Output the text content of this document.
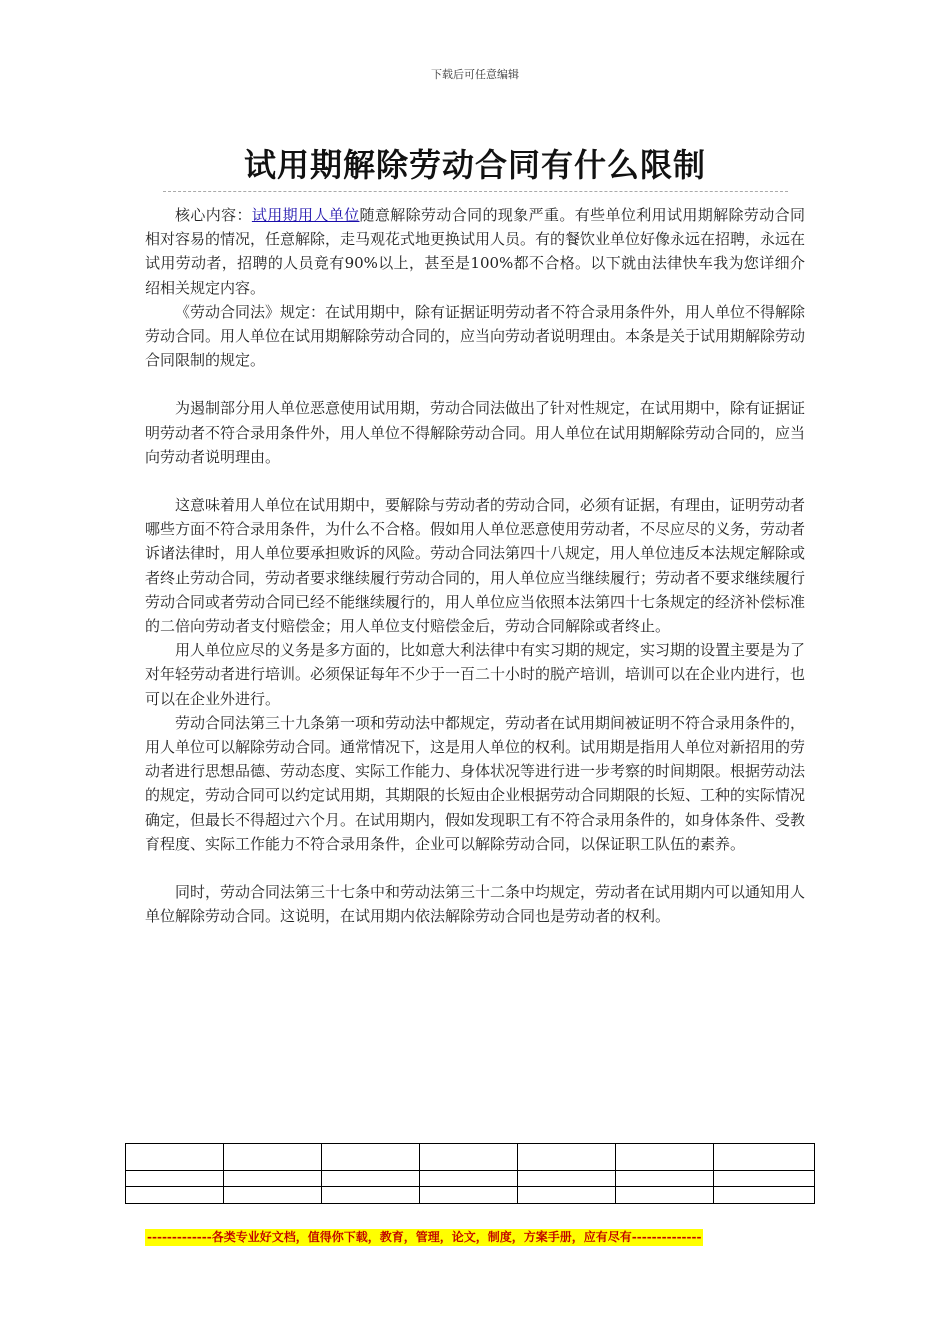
下载后可任意编辑
试用期解除劳动合同有什么限制

核心内容：试用期用人单位随意解除劳动合同的现象严重。有些单位利用试用期解除劳动合同相对容易的情况，任意解除，走马观花式地更换试用人员。有的餐饮业单位好像永远在招聘，永远在试用劳动者，招聘的人员竟有90%以上，甚至是100%都不合格。以下就由法律快车我为您详细介绍相关规定内容。

《劳动合同法》规定：在试用期中，除有证据证明劳动者不符合录用条件外，用人单位不得解除劳动合同。用人单位在试用期解除劳动合同的，应当向劳动者说明理由。本条是关于试用期解除劳动合同限制的规定。

为遏制部分用人单位恶意使用试用期，劳动合同法做出了针对性规定，在试用期中，除有证据证明劳动者不符合录用条件外，用人单位不得解除劳动合同。用人单位在试用期解除劳动合同的，应当向劳动者说明理由。

这意味着用人单位在试用期中，要解除与劳动者的劳动合同，必须有证据，有理由，证明劳动者哪些方面不符合录用条件，为什么不合格。假如用人单位恶意使用劳动者，不尽应尽的义务，劳动者诉诸法律时，用人单位要承担败诉的风险。劳动合同法第四十八规定，用人单位违反本法规定解除或者终止劳动合同，劳动者要求继续履行劳动合同的，用人单位应当继续履行；劳动者不要求继续履行劳动合同或者劳动合同已经不能继续履行的，用人单位应当依照本法第四十七条规定的经济补偿标准的二倍向劳动者支付赔偿金；用人单位支付赔偿金后，劳动合同解除或者终止。

用人单位应尽的义务是多方面的，比如意大利法律中有实习期的规定，实习期的设置主要是为了对年轻劳动者进行培训。必须保证每年不少于一百二十小时的脱产培训，培训可以在企业内进行，也可以在企业外进行。

劳动合同法第三十九条第一项和劳动法中都规定，劳动者在试用期间被证明不符合录用条件的，用人单位可以解除劳动合同。通常情况下，这是用人单位的权利。试用期是指用人单位对新招用的劳动者进行思想品德、劳动态度、实际工作能力、身体状况等进行进一步考察的时间期限。根据劳动法的规定，劳动合同可以约定试用期，其期限的长短由企业根据劳动合同期限的长短、工种的实际情况确定，但最长不得超过六个月。在试用期内，假如发现职工有不符合录用条件的，如身体条件、受教育程度、实际工作能力不符合录用条件，企业可以解除劳动合同，以保证职工队伍的素养。

同时，劳动合同法第三十七条中和劳动法第三十二条中均规定，劳动者在试用期内可以通知用人单位解除劳动合同。这说明，在试用期内依法解除劳动合同也是劳动者的权利。

-------------各类专业好文档，值得你下载，教育，管理，论文，制度，方案手册，应有尽有--------------
